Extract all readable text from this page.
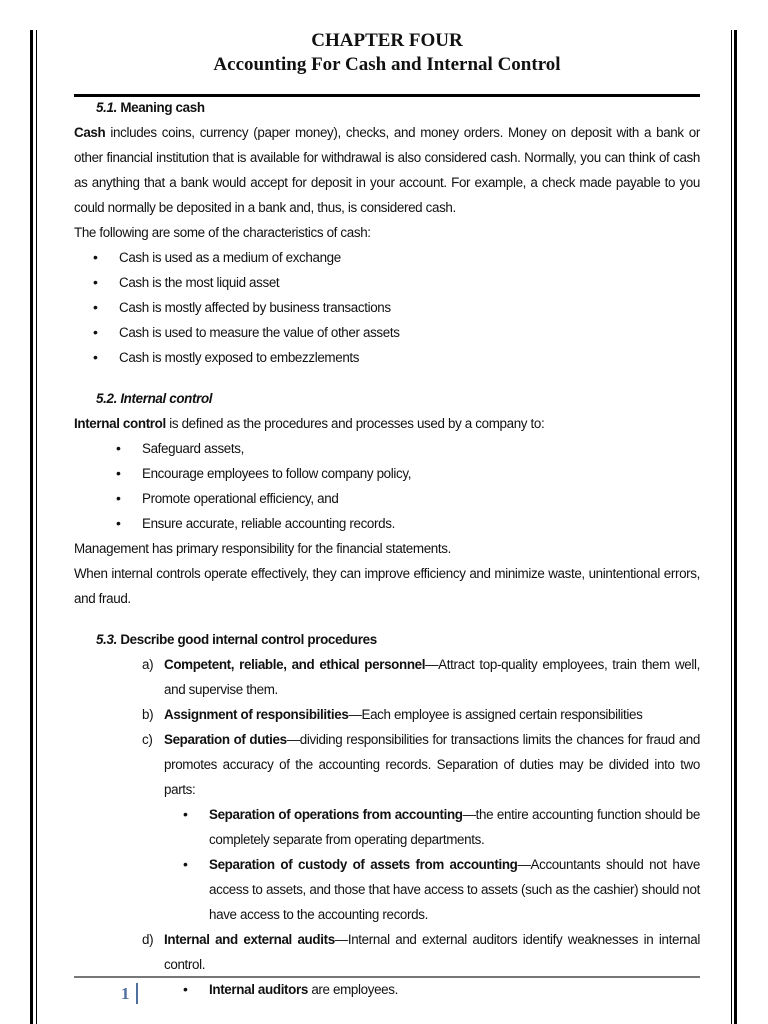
CHAPTER FOUR

Accounting For Cash and Internal Control

5.1. Meaning cash

Cash includes coins, currency (paper money), checks, and money orders. Money on deposit with a bank or other financial institution that is available for withdrawal is also considered cash. Normally, you can think of cash as anything that a bank would accept for deposit in your account. For example, a check made payable to you could normally be deposited in a bank and, thus, is considered cash.

The following are some of the characteristics of cash:

• Cash is used as a medium of exchange
• Cash is the most liquid asset
• Cash is mostly affected by business transactions
• Cash is used to measure the value of other assets
• Cash is mostly exposed to embezzlements

5.2. Internal control

Internal control is defined as the procedures and processes used by a company to:

• Safeguard assets,
• Encourage employees to follow company policy,
• Promote operational efficiency, and
• Ensure accurate, reliable accounting records.

Management has primary responsibility for the financial statements.

When internal controls operate effectively, they can improve efficiency and minimize waste, unintentional errors, and fraud.

5.3. Describe good internal control procedures

a) Competent, reliable, and ethical personnel—Attract top-quality employees, train them well, and supervise them.
b) Assignment of responsibilities—Each employee is assigned certain responsibilities
c) Separation of duties—dividing responsibilities for transactions limits the chances for fraud and promotes accuracy of the accounting records. Separation of duties may be divided into two parts:
• Separation of operations from accounting—the entire accounting function should be completely separate from operating departments.
• Separation of custody of assets from accounting—Accountants should not have access to assets, and those that have access to assets (such as the cashier) should not have access to the accounting records.
d) Internal and external audits—Internal and external auditors identify weaknesses in internal control.
• Internal auditors are employees.
1
